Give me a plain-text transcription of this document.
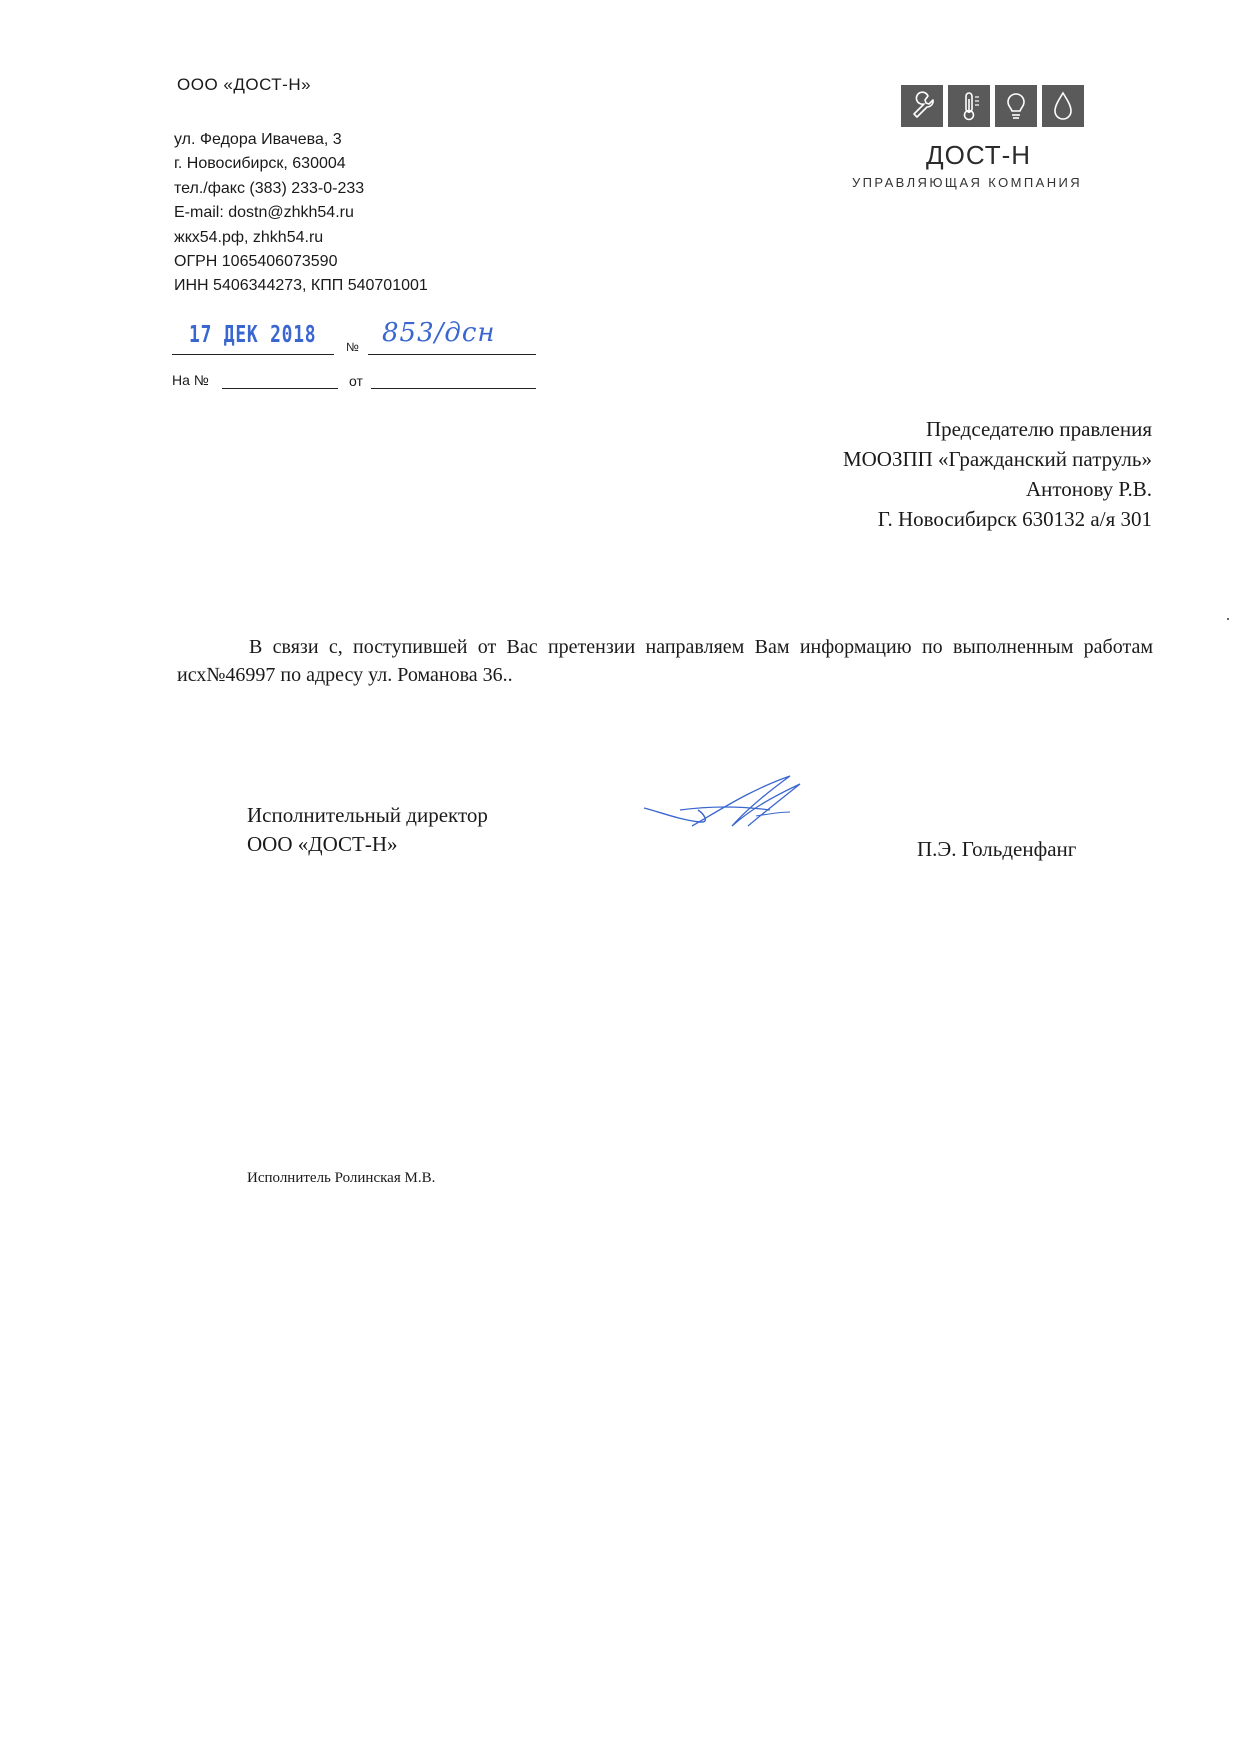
ООО «ДОСТ-Н»
ул. Федора Ивачева, 3
г. Новосибирск, 630004
тел./факс (383) 233-0-233
E-mail: dostn@zhkh54.ru
жкх54.рф, zhkh54.ru
ОГРН 1065406073590
ИНН 5406344273, КПП 540701001
17 ДЕК 2018 № 853/дсн
На №	от
ДОСТ-Н
УПРАВЛЯЮЩАЯ КОМПАНИЯ
Председателю правления
МООЗПП «Гражданский патруль»
Антонову Р.В.
Г. Новосибирск 630132 а/я 301
В связи с, поступившей от Вас претензии направляем Вам информацию по выполненным работам исх№46997 по адресу ул. Романова 36..
Исполнительный директор
ООО «ДОСТ-Н»	П.Э. Гольденфанг
Исполнитель Ролинская М.В.
